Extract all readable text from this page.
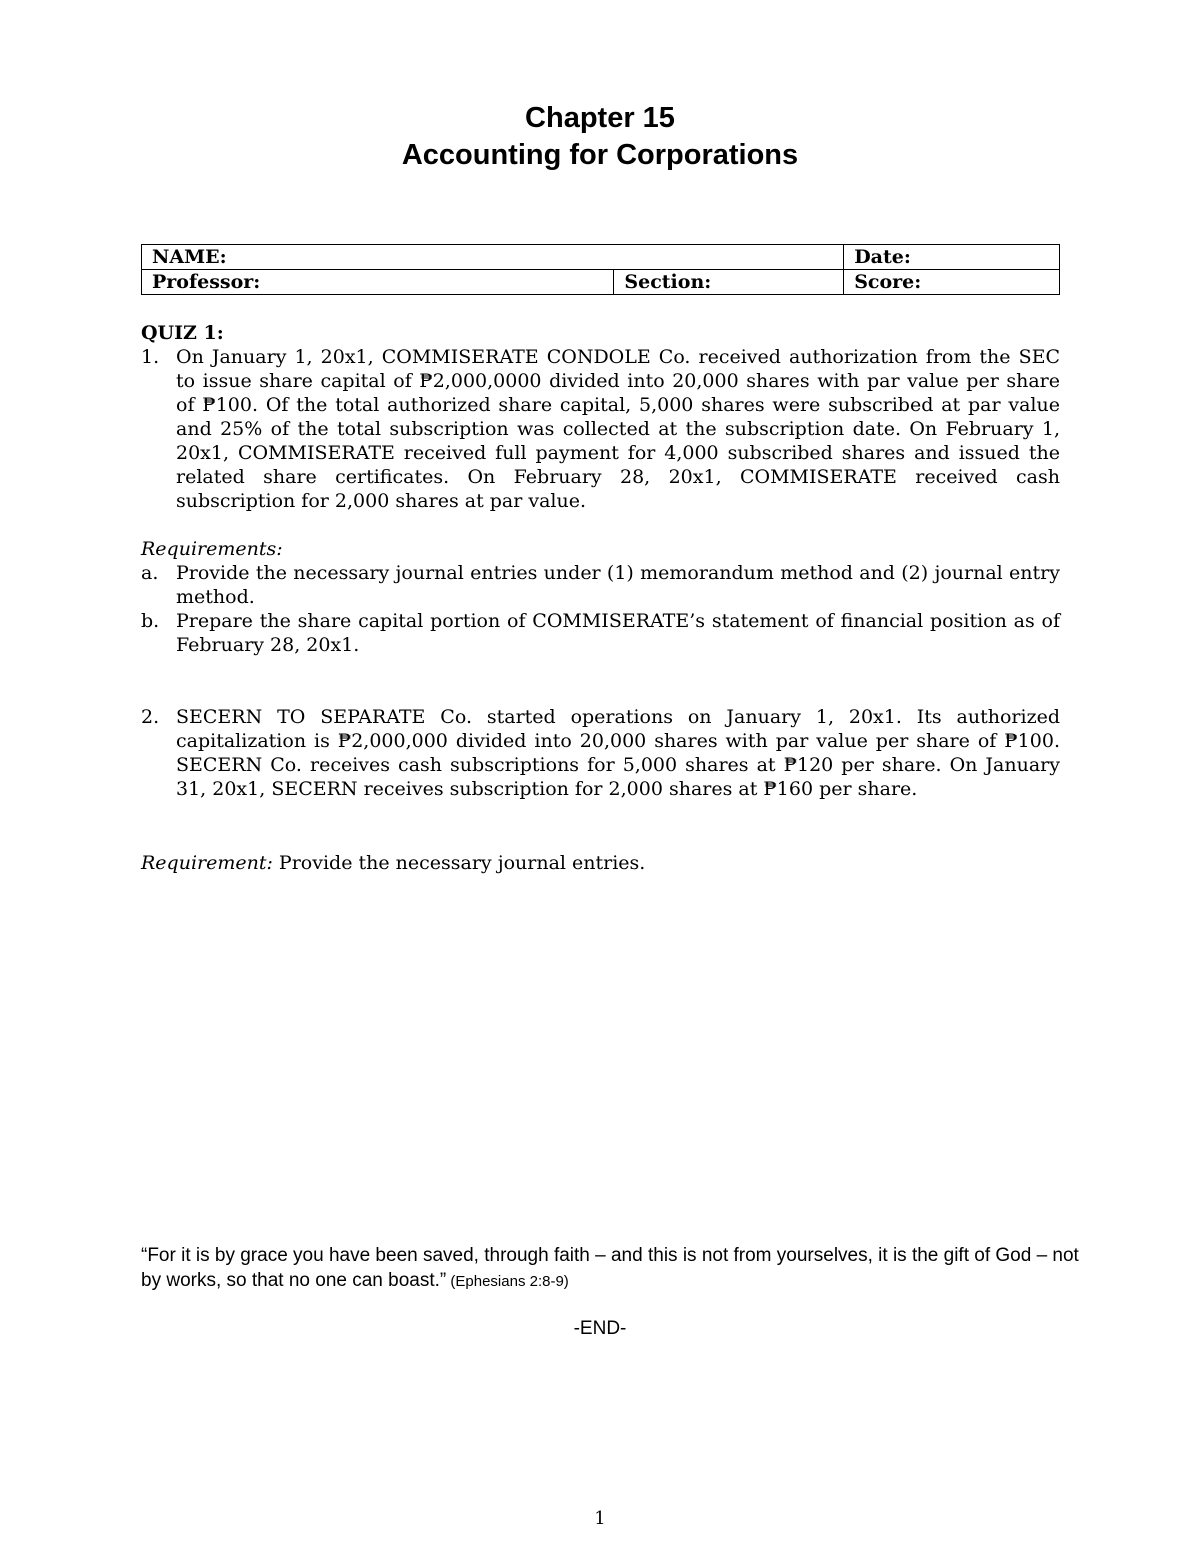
Chapter 15
Accounting for Corporations
NAME:		Date:
Professor:	Section:	Score:
QUIZ 1:
1. On January 1, 20x1, COMMISERATE CONDOLE Co. received authorization from the SEC to issue share capital of ₱2,000,0000 divided into 20,000 shares with par value per share of ₱100. Of the total authorized share capital, 5,000 shares were subscribed at par value and 25% of the total subscription was collected at the subscription date. On February 1, 20x1, COMMISERATE received full payment for 4,000 subscribed shares and issued the related share certificates. On February 28, 20x1, COMMISERATE received cash subscription for 2,000 shares at par value.
Requirements:
a. Provide the necessary journal entries under (1) memorandum method and (2) journal entry method.
b. Prepare the share capital portion of COMMISERATE’s statement of financial position as of February 28, 20x1.
2. SECERN TO SEPARATE Co. started operations on January 1, 20x1. Its authorized capitalization is ₱2,000,000 divided into 20,000 shares with par value per share of ₱100. SECERN Co. receives cash subscriptions for 5,000 shares at ₱120 per share. On January 31, 20x1, SECERN receives subscription for 2,000 shares at ₱160 per share.
Requirement: Provide the necessary journal entries.
“For it is by grace you have been saved, through faith – and this is not from yourselves, it is the gift of God – not by works, so that no one can boast.” (Ephesians 2:8-9)
-END-
1
